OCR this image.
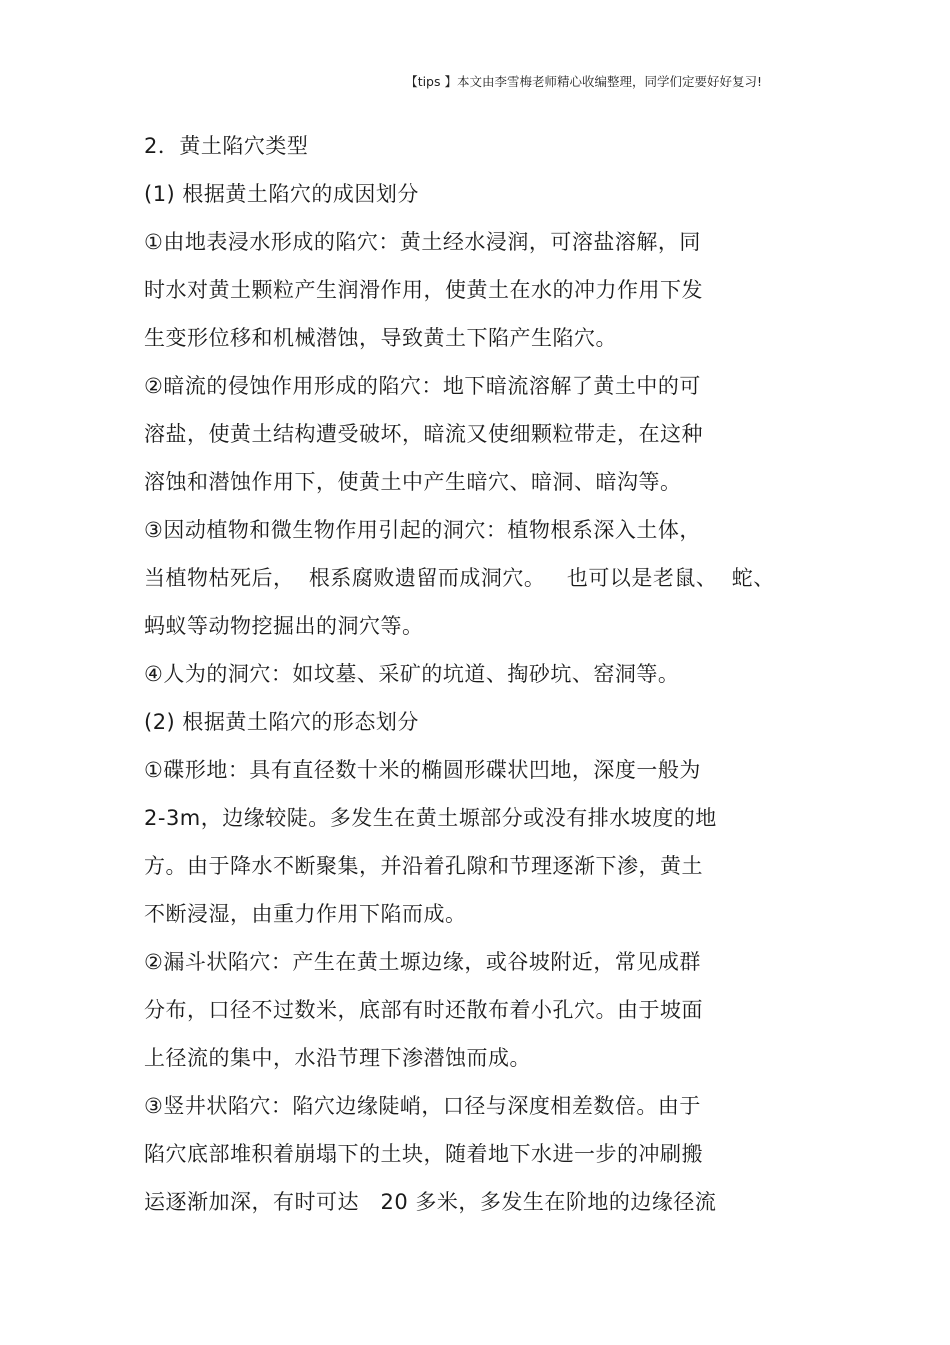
【tips 】本文由李雪梅老师精心收编整理，同学们定要好好复习!
2．黄土陷穴类型
(1) 根据黄土陷穴的成因划分
①由地表浸水形成的陷穴：黄土经水浸润，可溶盐溶解，同
时水对黄土颗粒产生润滑作用，使黄土在水的冲力作用下发
生变形位移和机械潜蚀，导致黄土下陷产生陷穴。
②暗流的侵蚀作用形成的陷穴：地下暗流溶解了黄土中的可
溶盐，使黄土结构遭受破坏，暗流又使细颗粒带走，在这种
溶蚀和潜蚀作用下，使黄土中产生暗穴、暗洞、暗沟等。
③因动植物和微生物作用引起的洞穴：植物根系深入土体，
当植物枯死后，  根系腐败遗留而成洞穴。   也可以是老鼠、  蛇、
蚂蚁等动物挖掘出的洞穴等。
④人为的洞穴：如坟墓、采矿的坑道、掏砂坑、窑洞等。
(2) 根据黄土陷穴的形态划分
①碟形地：具有直径数十米的椭圆形碟状凹地，深度一般为
2-3m，边缘较陡。多发生在黄土塬部分或没有排水坡度的地
方。由于降水不断聚集，并沿着孔隙和节理逐渐下渗，黄土
不断浸湿，由重力作用下陷而成。
②漏斗状陷穴：产生在黄土塬边缘，或谷坡附近，常见成群
分布，口径不过数米，底部有时还散布着小孔穴。由于坡面
上径流的集中，水沿节理下渗潜蚀而成。
③竖井状陷穴：陷穴边缘陡峭，口径与深度相差数倍。由于
陷穴底部堆积着崩塌下的土块，随着地下水进一步的冲刷搬
运逐渐加深，有时可达   20 多米，多发生在阶地的边缘径流
